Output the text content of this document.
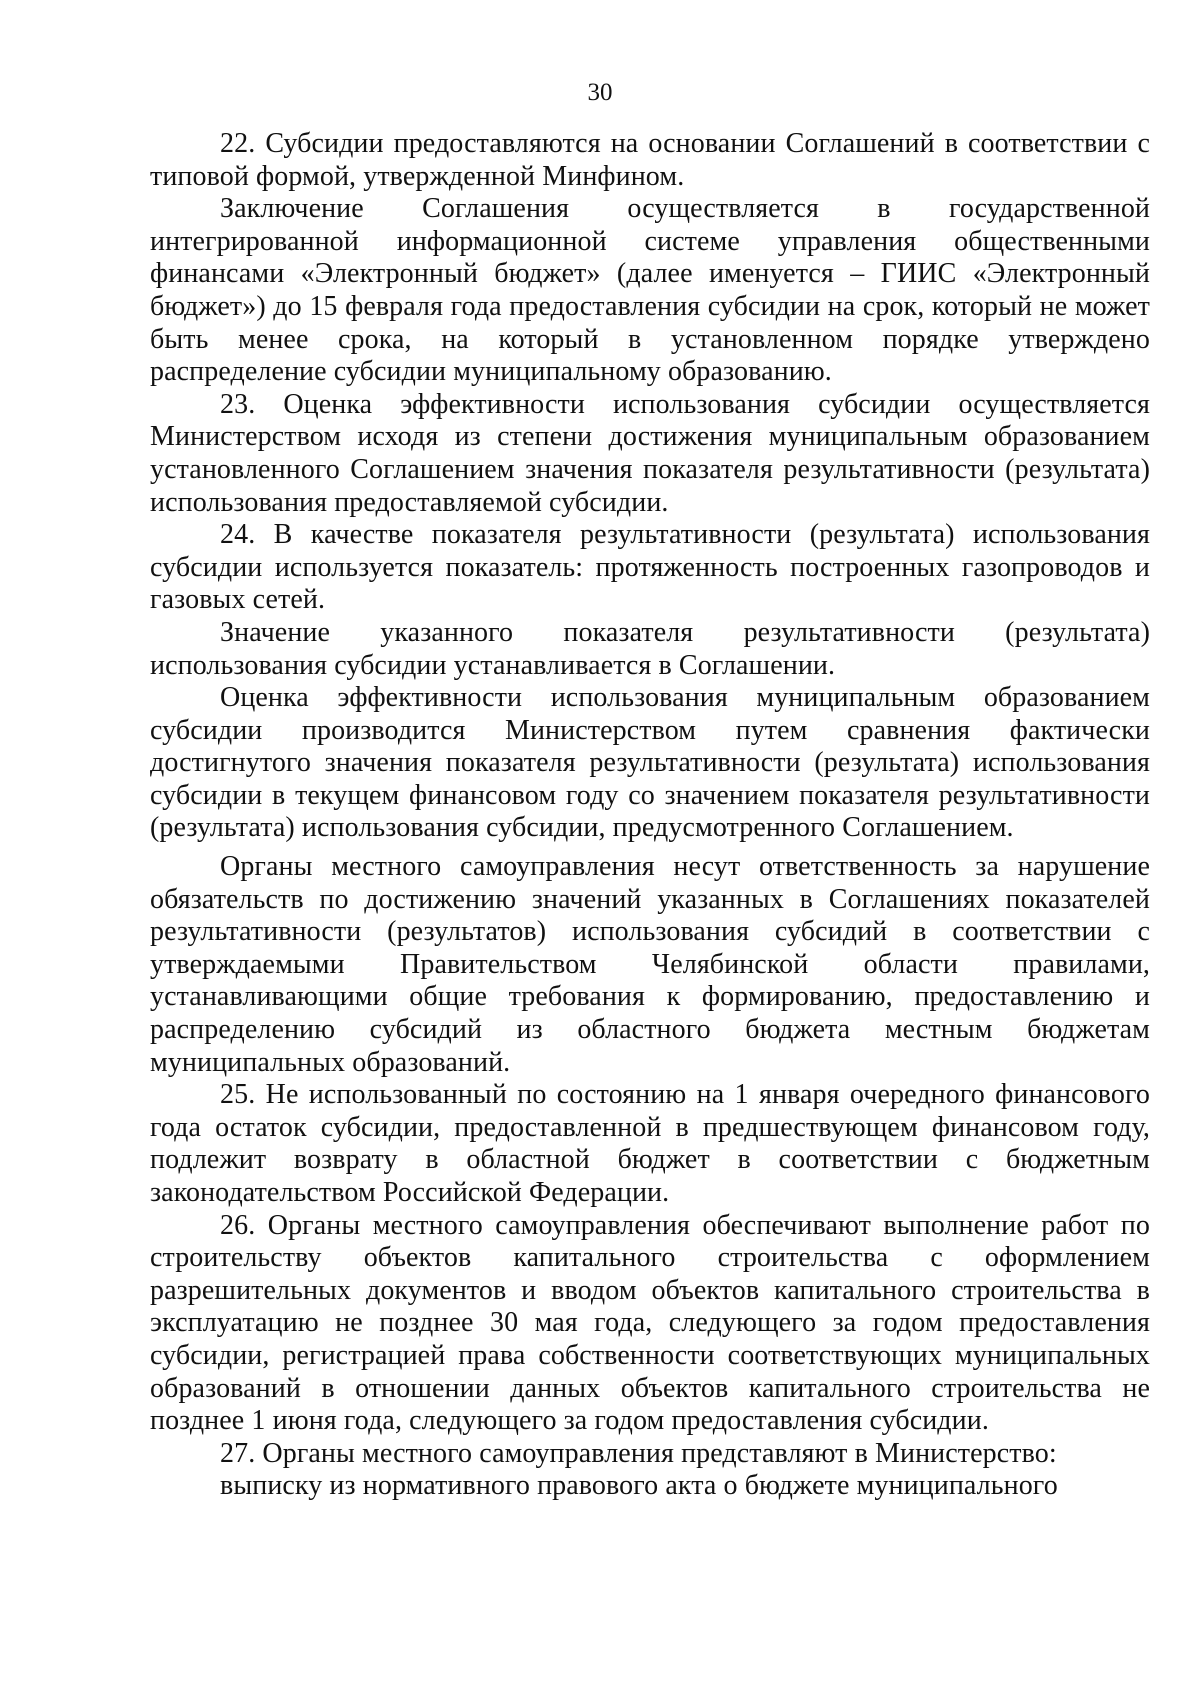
30

22. Субсидии предоставляются на основании Соглашений в соответствии с типовой формой, утвержденной Минфином.

Заключение Соглашения осуществляется в государственной интегрированной информационной системе управления общественными финансами «Электронный бюджет» (далее именуется – ГИИС «Электронный бюджет») до 15 февраля года предоставления субсидии на срок, который не может быть менее срока, на который в установленном порядке утверждено распределение субсидии муниципальному образованию.

23. Оценка эффективности использования субсидии осуществляется Министерством исходя из степени достижения муниципальным образованием установленного Соглашением значения показателя результативности (результата) использования предоставляемой субсидии.

24. В качестве показателя результативности (результата) использования субсидии используется показатель: протяженность построенных газопроводов и газовых сетей.

Значение указанного показателя результативности (результата) использования субсидии устанавливается в Соглашении.

Оценка эффективности использования муниципальным образованием субсидии производится Министерством путем сравнения фактически достигнутого значения показателя результативности (результата) использования субсидии в текущем финансовом году со значением показателя результативности (результата) использования субсидии, предусмотренного Соглашением.

Органы местного самоуправления несут ответственность за нарушение обязательств по достижению значений указанных в Соглашениях показателей результативности (результатов) использования субсидий в соответствии с утверждаемыми Правительством Челябинской области правилами, устанавливающими общие требования к формированию, предоставлению и распределению субсидий из областного бюджета местным бюджетам муниципальных образований.

25. Не использованный по состоянию на 1 января очередного финансового года остаток субсидии, предоставленной в предшествующем финансовом году, подлежит возврату в областной бюджет в соответствии с бюджетным законодательством Российской Федерации.

26. Органы местного самоуправления обеспечивают выполнение работ по строительству объектов капитального строительства с оформлением разрешительных документов и вводом объектов капитального строительства в эксплуатацию не позднее 30 мая года, следующего за годом предоставления субсидии, регистрацией права собственности соответствующих муниципальных образований в отношении данных объектов капитального строительства не позднее 1 июня года, следующего за годом предоставления субсидии.

27. Органы местного самоуправления представляют в Министерство:

выписку из нормативного правового акта о бюджете муниципального
